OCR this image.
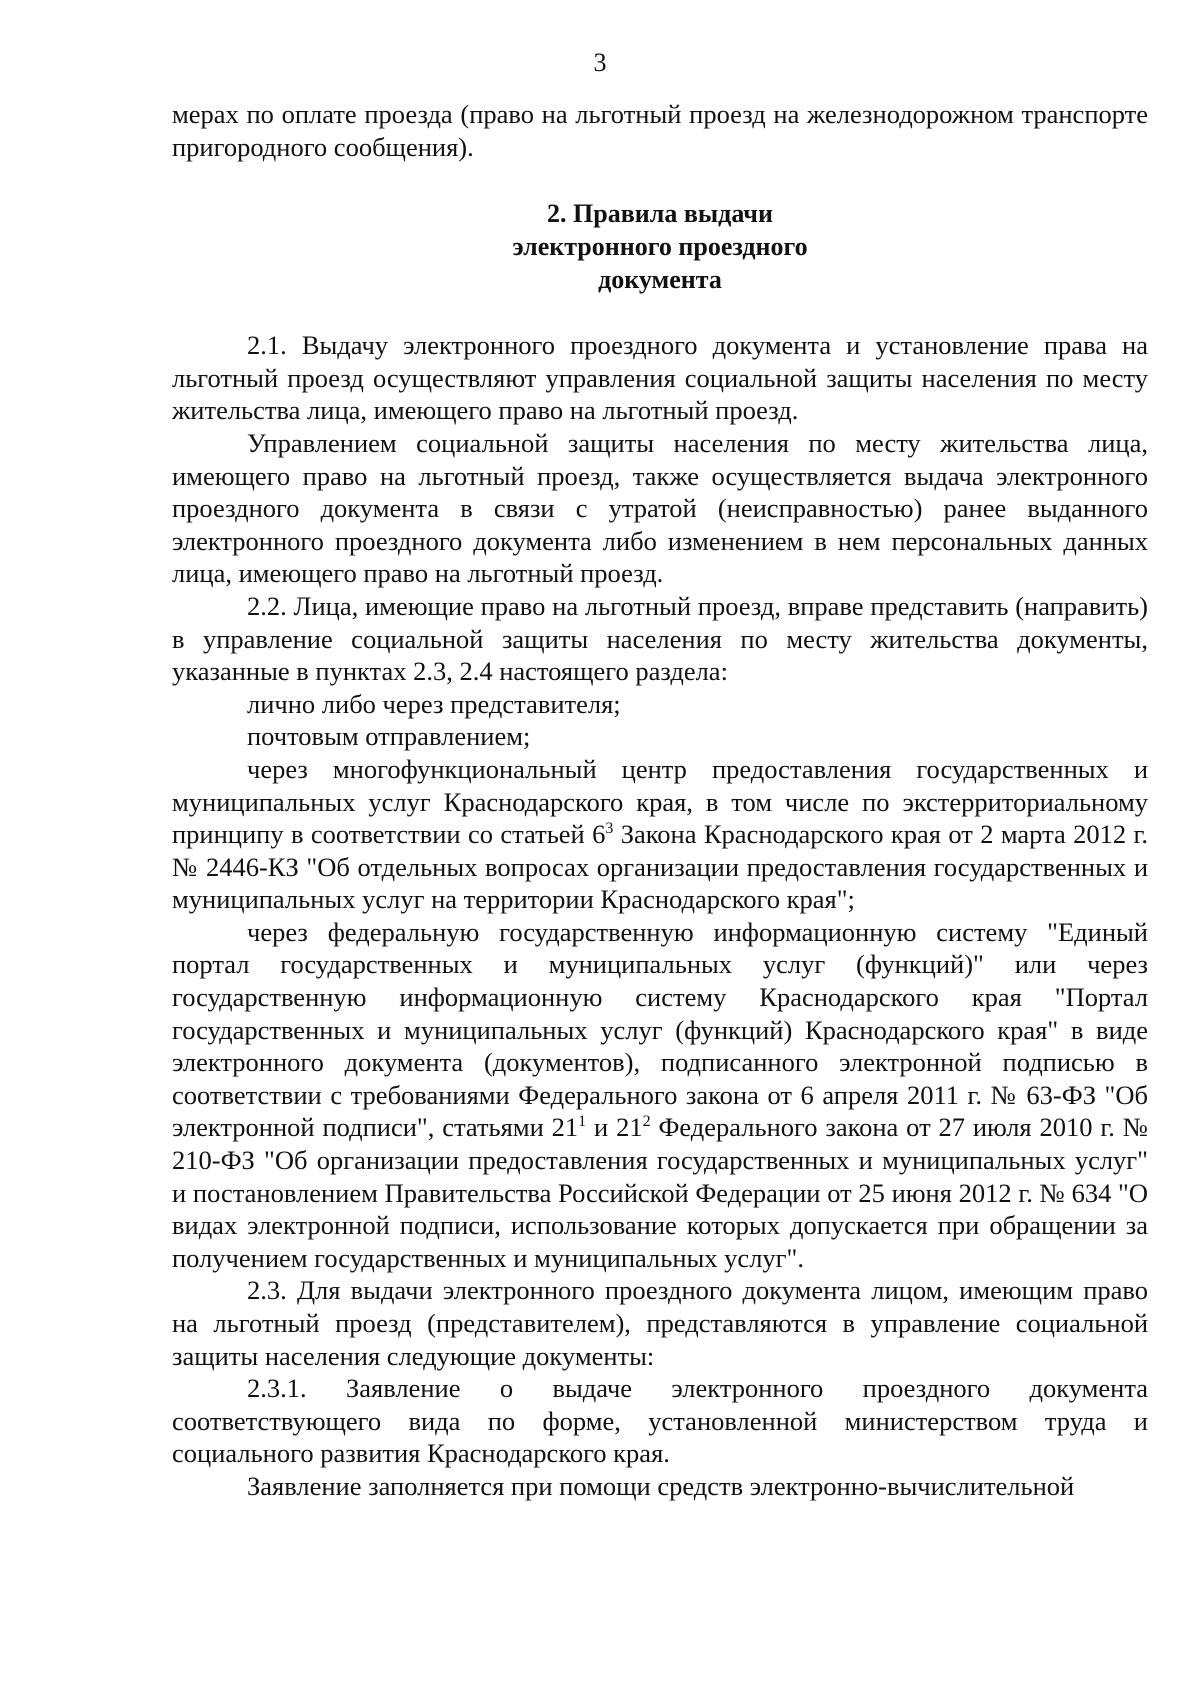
3

мерах по оплате проезда (право на льготный проезд на железнодорожном транспорте пригородного сообщения).

2. Правила выдачи
электронного проездного
документа

2.1. Выдачу электронного проездного документа и установление права на льготный проезд осуществляют управления социальной защиты населения по месту жительства лица, имеющего право на льготный проезд.

Управлением социальной защиты населения по месту жительства лица, имеющего право на льготный проезд, также осуществляется выдача электронного проездного документа в связи с утратой (неисправностью) ранее выданного электронного проездного документа либо изменением в нем персональных данных лица, имеющего право на льготный проезд.

2.2. Лица, имеющие право на льготный проезд, вправе представить (направить) в управление социальной защиты населения по месту жительства документы, указанные в пунктах 2.3, 2.4 настоящего раздела:

лично либо через представителя;

почтовым отправлением;

через многофункциональный центр предоставления государственных и муниципальных услуг Краснодарского края, в том числе по экстерриториальному принципу в соответствии со статьей $6^3$ Закона Краснодарского края от 2 марта 2012 г. № 2446-КЗ "Об отдельных вопросах организации предоставления государственных и муниципальных услуг на территории Краснодарского края";

через федеральную государственную информационную систему "Единый портал государственных и муниципальных услуг (функций)" или через государственную информационную систему Краснодарского края "Портал государственных и муниципальных услуг (функций) Краснодарского края" в виде электронного документа (документов), подписанного электронной подписью в соответствии с требованиями Федерального закона от 6 апреля 2011 г. № 63-ФЗ "Об электронной подписи", статьями $21^1$ и $21^2$ Федерального закона от 27 июля 2010 г. № 210-ФЗ "Об организации предоставления государственных и муниципальных услуг" и постановлением Правительства Российской Федерации от 25 июня 2012 г. № 634 "О видах электронной подписи, использование которых допускается при обращении за получением государственных и муниципальных услуг".

2.3. Для выдачи электронного проездного документа лицом, имеющим право на льготный проезд (представителем), представляются в управление социальной защиты населения следующие документы:

2.3.1. Заявление о выдаче электронного проездного документа соответствующего вида по форме, установленной министерством труда и социального развития Краснодарского края.

Заявление заполняется при помощи средств электронно-вычислительной
